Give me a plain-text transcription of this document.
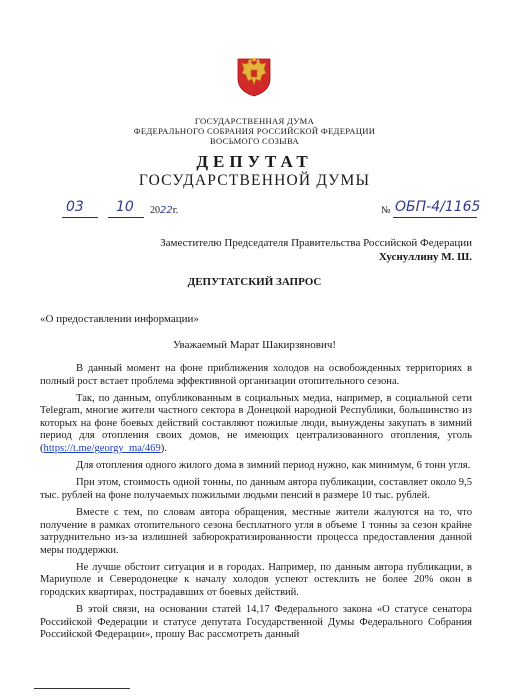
ГОСУДАРСТВЕННАЯ ДУМА
ФЕДЕРАЛЬНОГО СОБРАНИЯ РОССИЙСКОЙ ФЕДЕРАЦИИ
ВОСЬМОГО СОЗЫВА
ДЕПУТАТ
ГОСУДАРСТВЕННОЙ ДУМЫ
03 10 2022г.	№ ОБП-4/1165
Заместителю Председателя Правительства Российской Федерации
Хуснуллину М. Ш.
ДЕПУТАТСКИЙ ЗАПРОС
«О предоставлении информации»
Уважаемый Марат Шакирзянович!

В данный момент на фоне приближения холодов на освобожденных территориях в полный рост встает проблема эффективной организации отопительного сезона.

Так, по данным, опубликованным в социальных медиа, например, в социальной сети Telegram, многие жители частного сектора в Донецкой народной Республики, большинство из которых на фоне боевых действий составляют пожилые люди, вынуждены закупать в зимний период для отопления своих домов, не имеющих централизованного отопления, уголь (https://t.me/georgy_ma/469).

Для отопления одного жилого дома в зимний период нужно, как минимум, 6 тонн угля.

При этом, стоимость одной тонны, по данным автора публикации, составляет около 9,5 тыс. рублей на фоне получаемых пожилыми людьми пенсий в размере 10 тыс. рублей.

Вместе с тем, по словам автора обращения, местные жители жалуются на то, что получение в рамках отопительного сезона бесплатного угля в объеме 1 тонны за сезон крайне затруднительно из-за излишней забюрократизированности процесса предоставления данной меры поддержки.

Не лучше обстоит ситуация и в городах. Например, по данным автора публикации, в Мариуполе и Северодонецке к началу холодов успеют остеклить не более 20% окон в городских квартирах, пострадавших от боевых действий.

В этой связи, на основании статей 14,17 Федерального закона «О статусе сенатора Российской Федерации и статусе депутата Государственной Думы Федерального Собрания Российской Федерации», прошу Вас рассмотреть данный
